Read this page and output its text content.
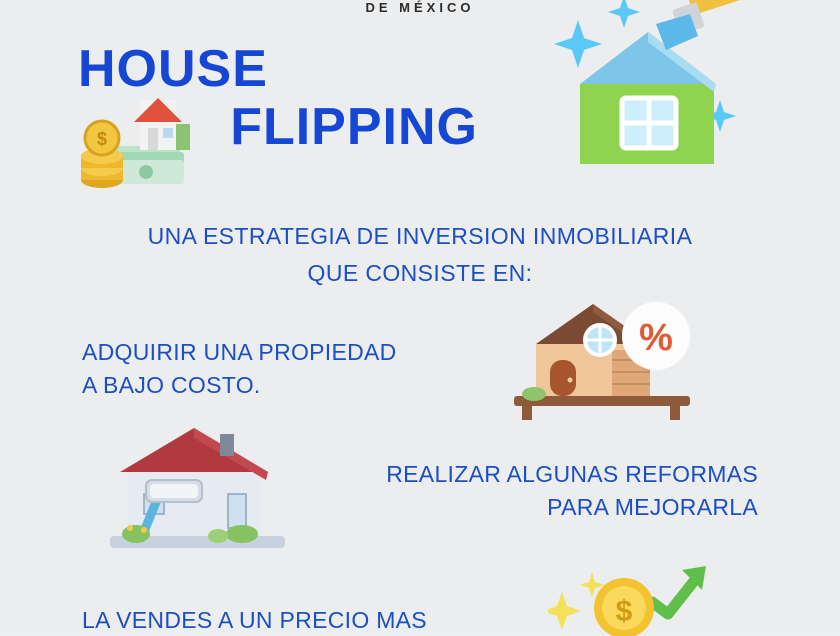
DE MÉXICO
HOUSE
FLIPPING
$
UNA ESTRATEGIA DE INVERSION INMOBILIARIA
QUE CONSISTE EN:
ADQUIRIR UNA PROPIEDAD
A BAJO COSTO.
%
REALIZAR ALGUNAS REFORMAS
PARA MEJORARLA
$
LA VENDES A UN PRECIO MAS
